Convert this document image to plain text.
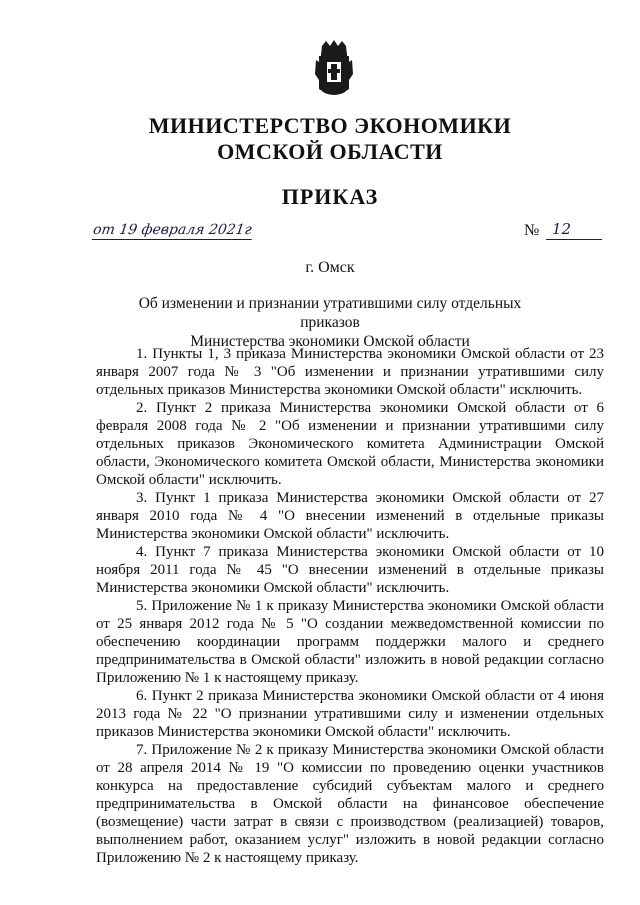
МИНИСТЕРСТВО ЭКОНОМИКИ
ОМСКОЙ ОБЛАСТИ
ПРИКАЗ
от 19 февраля 2021г	№ 12
г. Омск
Об изменении и признании утратившими силу отдельных приказов
Министерства экономики Омской области

1. Пункты 1, 3 приказа Министерства экономики Омской области от 23 января 2007 года № 3 "Об изменении и признании утратившими силу отдельных приказов Министерства экономики Омской области" исключить.

2. Пункт 2 приказа Министерства экономики Омской области от 6 февраля 2008 года № 2 "Об изменении и признании утратившими силу отдельных приказов Экономического комитета Администрации Омской области, Экономического комитета Омской области, Министерства экономики Омской области" исключить.

3. Пункт 1 приказа Министерства экономики Омской области от 27 января 2010 года № 4 "О внесении изменений в отдельные приказы Министерства экономики Омской области" исключить.

4. Пункт 7 приказа Министерства экономики Омской области от 10 ноября 2011 года № 45 "О внесении изменений в отдельные приказы Министерства экономики Омской области" исключить.

5. Приложение № 1 к приказу Министерства экономики Омской области от 25 января 2012 года № 5 "О создании межведомственной комиссии по обеспечению координации программ поддержки малого и среднего предпринимательства в Омской области" изложить в новой редакции согласно Приложению № 1 к настоящему приказу.

6. Пункт 2 приказа Министерства экономики Омской области от 4 июня 2013 года № 22 "О признании утратившими силу и изменении отдельных приказов Министерства экономики Омской области" исключить.

7. Приложение № 2 к приказу Министерства экономики Омской области от 28 апреля 2014 № 19 "О комиссии по проведению оценки участников конкурса на предоставление субсидий субъектам малого и среднего предпринимательства в Омской области на финансовое обеспечение (возмещение) части затрат в связи с производством (реализацией) товаров, выполнением работ, оказанием услуг" изложить в новой редакции согласно Приложению № 2 к настоящему приказу.
